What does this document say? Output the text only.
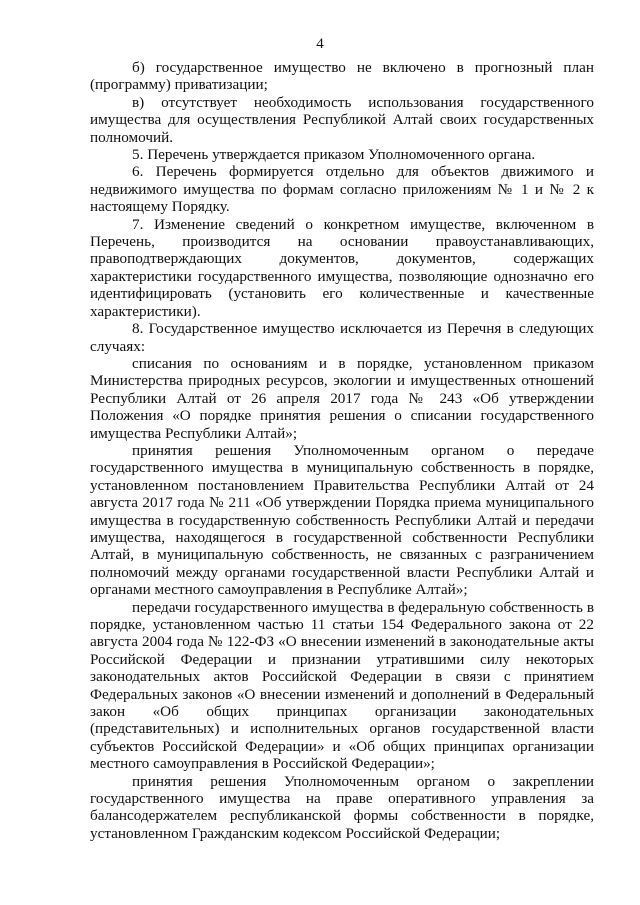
4

б) государственное имущество не включено в прогнозный план (программу) приватизации;

в) отсутствует необходимость использования государственного имущества для осуществления Республикой Алтай своих государственных полномочий.

5. Перечень утверждается приказом Уполномоченного органа.

6. Перечень формируется отдельно для объектов движимого и недвижимого имущества по формам согласно приложениям № 1 и № 2 к настоящему Порядку.

7. Изменение сведений о конкретном имуществе, включенном в Перечень, производится на основании правоустанавливающих, правоподтверждающих документов, документов, содержащих характеристики государственного имущества, позволяющие однозначно его идентифицировать (установить его количественные и качественные характеристики).

8. Государственное имущество исключается из Перечня в следующих случаях:

списания по основаниям и в порядке, установленном приказом Министерства природных ресурсов, экологии и имущественных отношений Республики Алтай от 26 апреля 2017 года № 243 «Об утверждении Положения «О порядке принятия решения о списании государственного имущества Республики Алтай»;

принятия решения Уполномоченным органом о передаче государственного имущества в муниципальную собственность в порядке, установленном постановлением Правительства Республики Алтай от 24 августа 2017 года № 211 «Об утверждении Порядка приема муниципального имущества в государственную собственность Республики Алтай и передачи имущества, находящегося в государственной собственности Республики Алтай, в муниципальную собственность, не связанных с разграничением полномочий между органами государственной власти Республики Алтай и органами местного самоуправления в Республике Алтай»;

передачи государственного имущества в федеральную собственность в порядке, установленном частью 11 статьи 154 Федерального закона от 22 августа 2004 года № 122-ФЗ «О внесении изменений в законодательные акты Российской Федерации и признании утратившими силу некоторых законодательных актов Российской Федерации в связи с принятием Федеральных законов «О внесении изменений и дополнений в Федеральный закон «Об общих принципах организации законодательных (представительных) и исполнительных органов государственной власти субъектов Российской Федерации» и «Об общих принципах организации местного самоуправления в Российской Федерации»;

принятия решения Уполномоченным органом о закреплении государственного имущества на праве оперативного управления за балансодержателем республиканской формы собственности в порядке, установленном Гражданским кодексом Российской Федерации;
